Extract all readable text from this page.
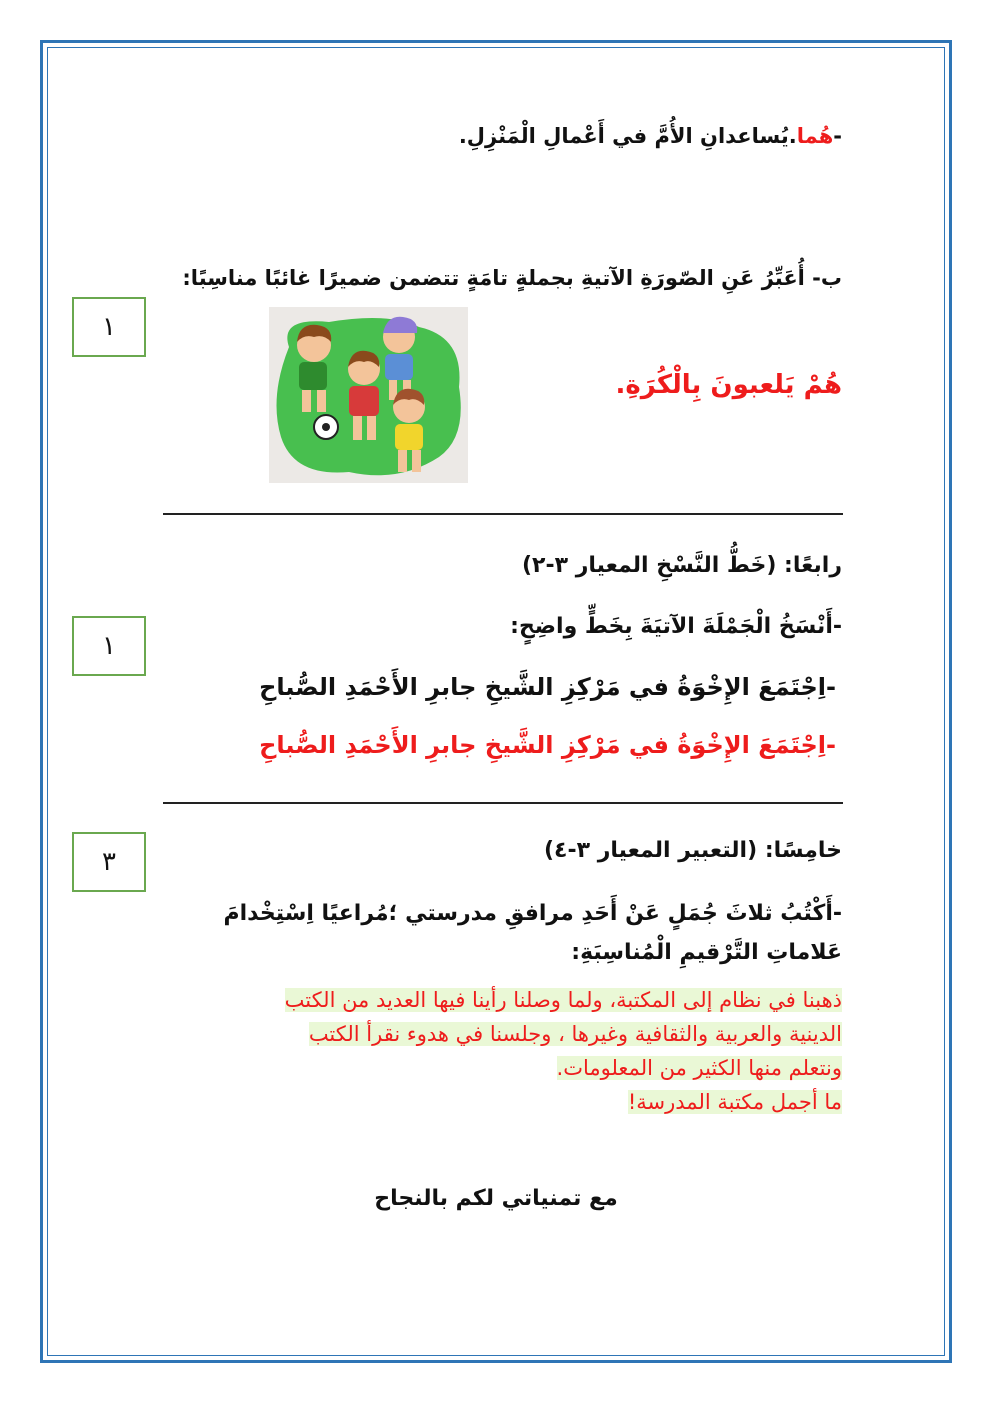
-هُما.يُساعدانِ الأُمَّ في أَعْمالِ الْمَنْزِلِ.
ب- أُعَبِّرُ عَنِ الصّورَةِ الآتيةِ بجملةٍ تامَةٍ تتضمن ضميرًا غائبًا مناسِبًا:
١
هُمْ يَلعبونَ بِالْكُرَةِ.
رابعًا: (خَطُّ النَّسْخِ المعيار ٣-٢)
-أَنْسَخُ الْجَمْلَةَ الآتيَةَ بِخَطٍّ واضِحٍ:
١
-اِجْتَمَعَ الإِخْوَةُ في مَرْكِزِ الشَّيخِ جابرِ الأَحْمَدِ الصُّباحِ
-اِجْتَمَعَ الإِخْوَةُ في مَرْكِزِ الشَّيخِ جابرِ الأَحْمَدِ الصُّباحِ
خامِسًا: (التعبير المعيار ٣-٤)
٣
-أَكْتُبُ ثلاثَ جُمَلٍ عَنْ أَحَدِ مرافقِ مدرستي ؛مُراعيًا اِسْتِخْدامَ
عَلاماتِ التَّرْقيمِ الْمُناسِبَةِ:
ذهبنا في نظام إلى المكتبة، ولما وصلنا رأينا فيها العديد من الكتب
الدينية والعربية والثقافية وغيرها ، وجلسنا في هدوء نقرأ الكتب
ونتعلم منها الكثير من المعلومات.
ما أجمل مكتبة المدرسة!
مع تمنياتي لكم بالنجاح
